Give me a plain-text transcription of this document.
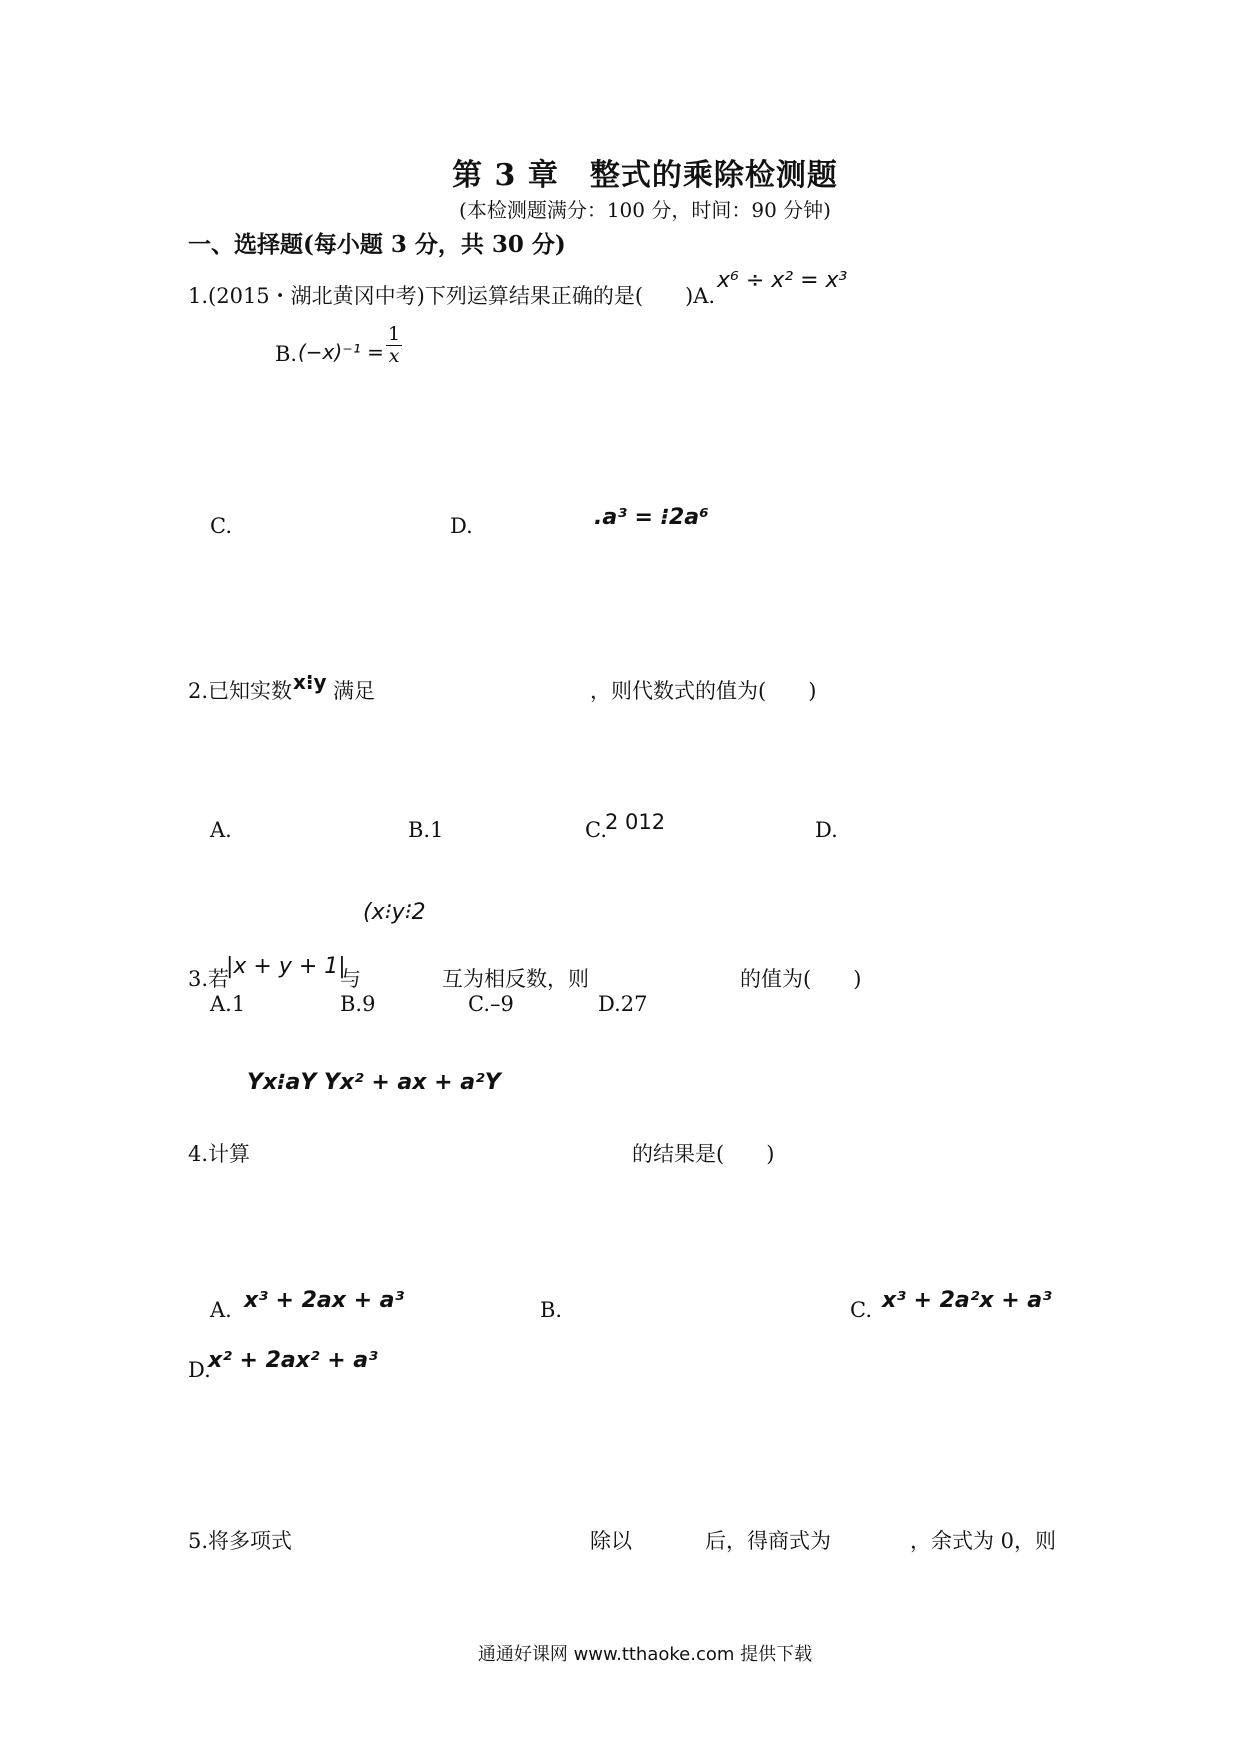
第 3 章　整式的乘除检测题
(本检测题满分：100 分，时间：90 分钟)
一、选择题(每小题 3 分，共 30 分)
1.(2015・湖北黄冈中考)下列运算结果正确的是(　　)A.
x⁶ ÷ x² = x³
B. $(-x)^{-1} = \frac{1}{x}$
C.	D.	.a³ = ⁝2a⁶
2.已知实数 x⁝y 满足	，则代数式的值为(　　)
A.	B.1	C.
2 012	D.
(x⁝y⁝2
3.若
|x + y + 1|
与	互为相反数，则	的值为(　　)
A.1	B.9	C.–9	D.27
Yx⁝aY Yx² + ax + a²Y
4.计算	的结果是(　　)
A. x³ + 2ax + a³	B.	C. x³ + 2a²x + a³
D.
x² + 2ax² + a³
5.将多项式	除以	后，得商式为	，余式为 0，则
通通好课网 www.tthaoke.com 提供下载
